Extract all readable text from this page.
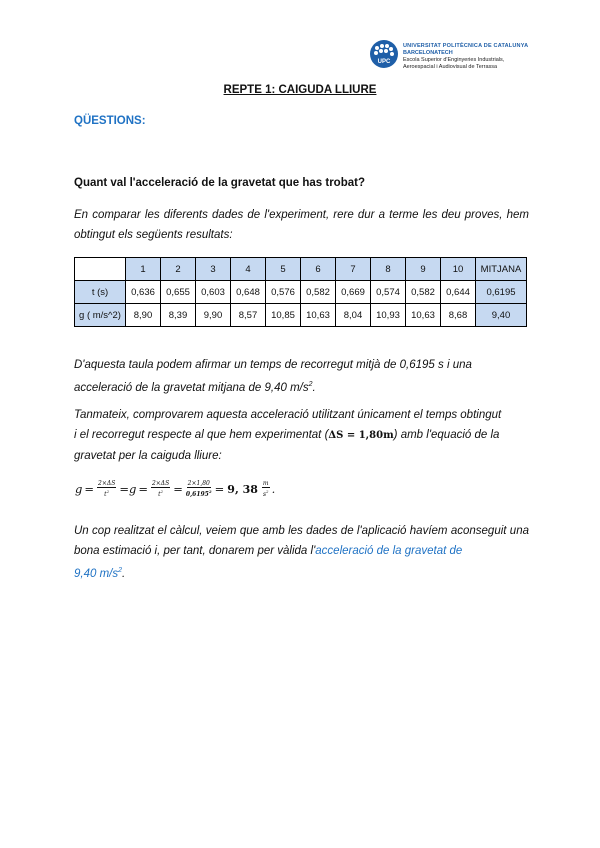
UPC
UNIVERSITAT POLITÈCNICA DE CATALUNYA
BARCELONATECH
Escola Superior d'Enginyeries Industrials,
Aeroespacial i Audiovisual de Terrassa
REPTE 1: CAIGUDA LLIURE
QÜESTIONS:
Quant val l'acceleració de la gravetat que has trobat?
En comparar les diferents dades de l'experiment, rere dur a terme les deu proves, hem obtingut els següents resultats:
	1	2	3	4	5	6	7	8	9	10	MITJANA
t (s)	0,636	0,655	0,603	0,648	0,576	0,582	0,669	0,574	0,582	0,644	0,6195
g ( m/s^2)	8,90	8,39	9,90	8,57	10,85	10,63	8,04	10,93	10,63	8,68	9,40
D'aquesta taula podem afirmar un temps de recorregut mitjà de 0,6195 s i una
acceleració de la gravetat mitjana de 9,40 $m/s^2$.
Tanmateix, comprovarem aquesta acceleració utilitzant únicament el temps obtingut
i el recorregut respecte al que hem experimentat (ΔS = 1,80m) amb l'equació de la
gravetat per la caiguda lliure:
$g = \frac{2\times\Delta S}{t^2} =g = \frac{2\times\Delta S}{t^2} = \frac{2\times 1,80}{0,6195^2} = 9$, $38 \frac{m}{s^2}$ .
Un cop realitzat el càlcul, veiem que amb les dades de l'aplicació havíem aconseguit una bona estimació i, per tant, donarem per vàlida l'acceleració de la gravetat de
9,40 $m/s^2$.
